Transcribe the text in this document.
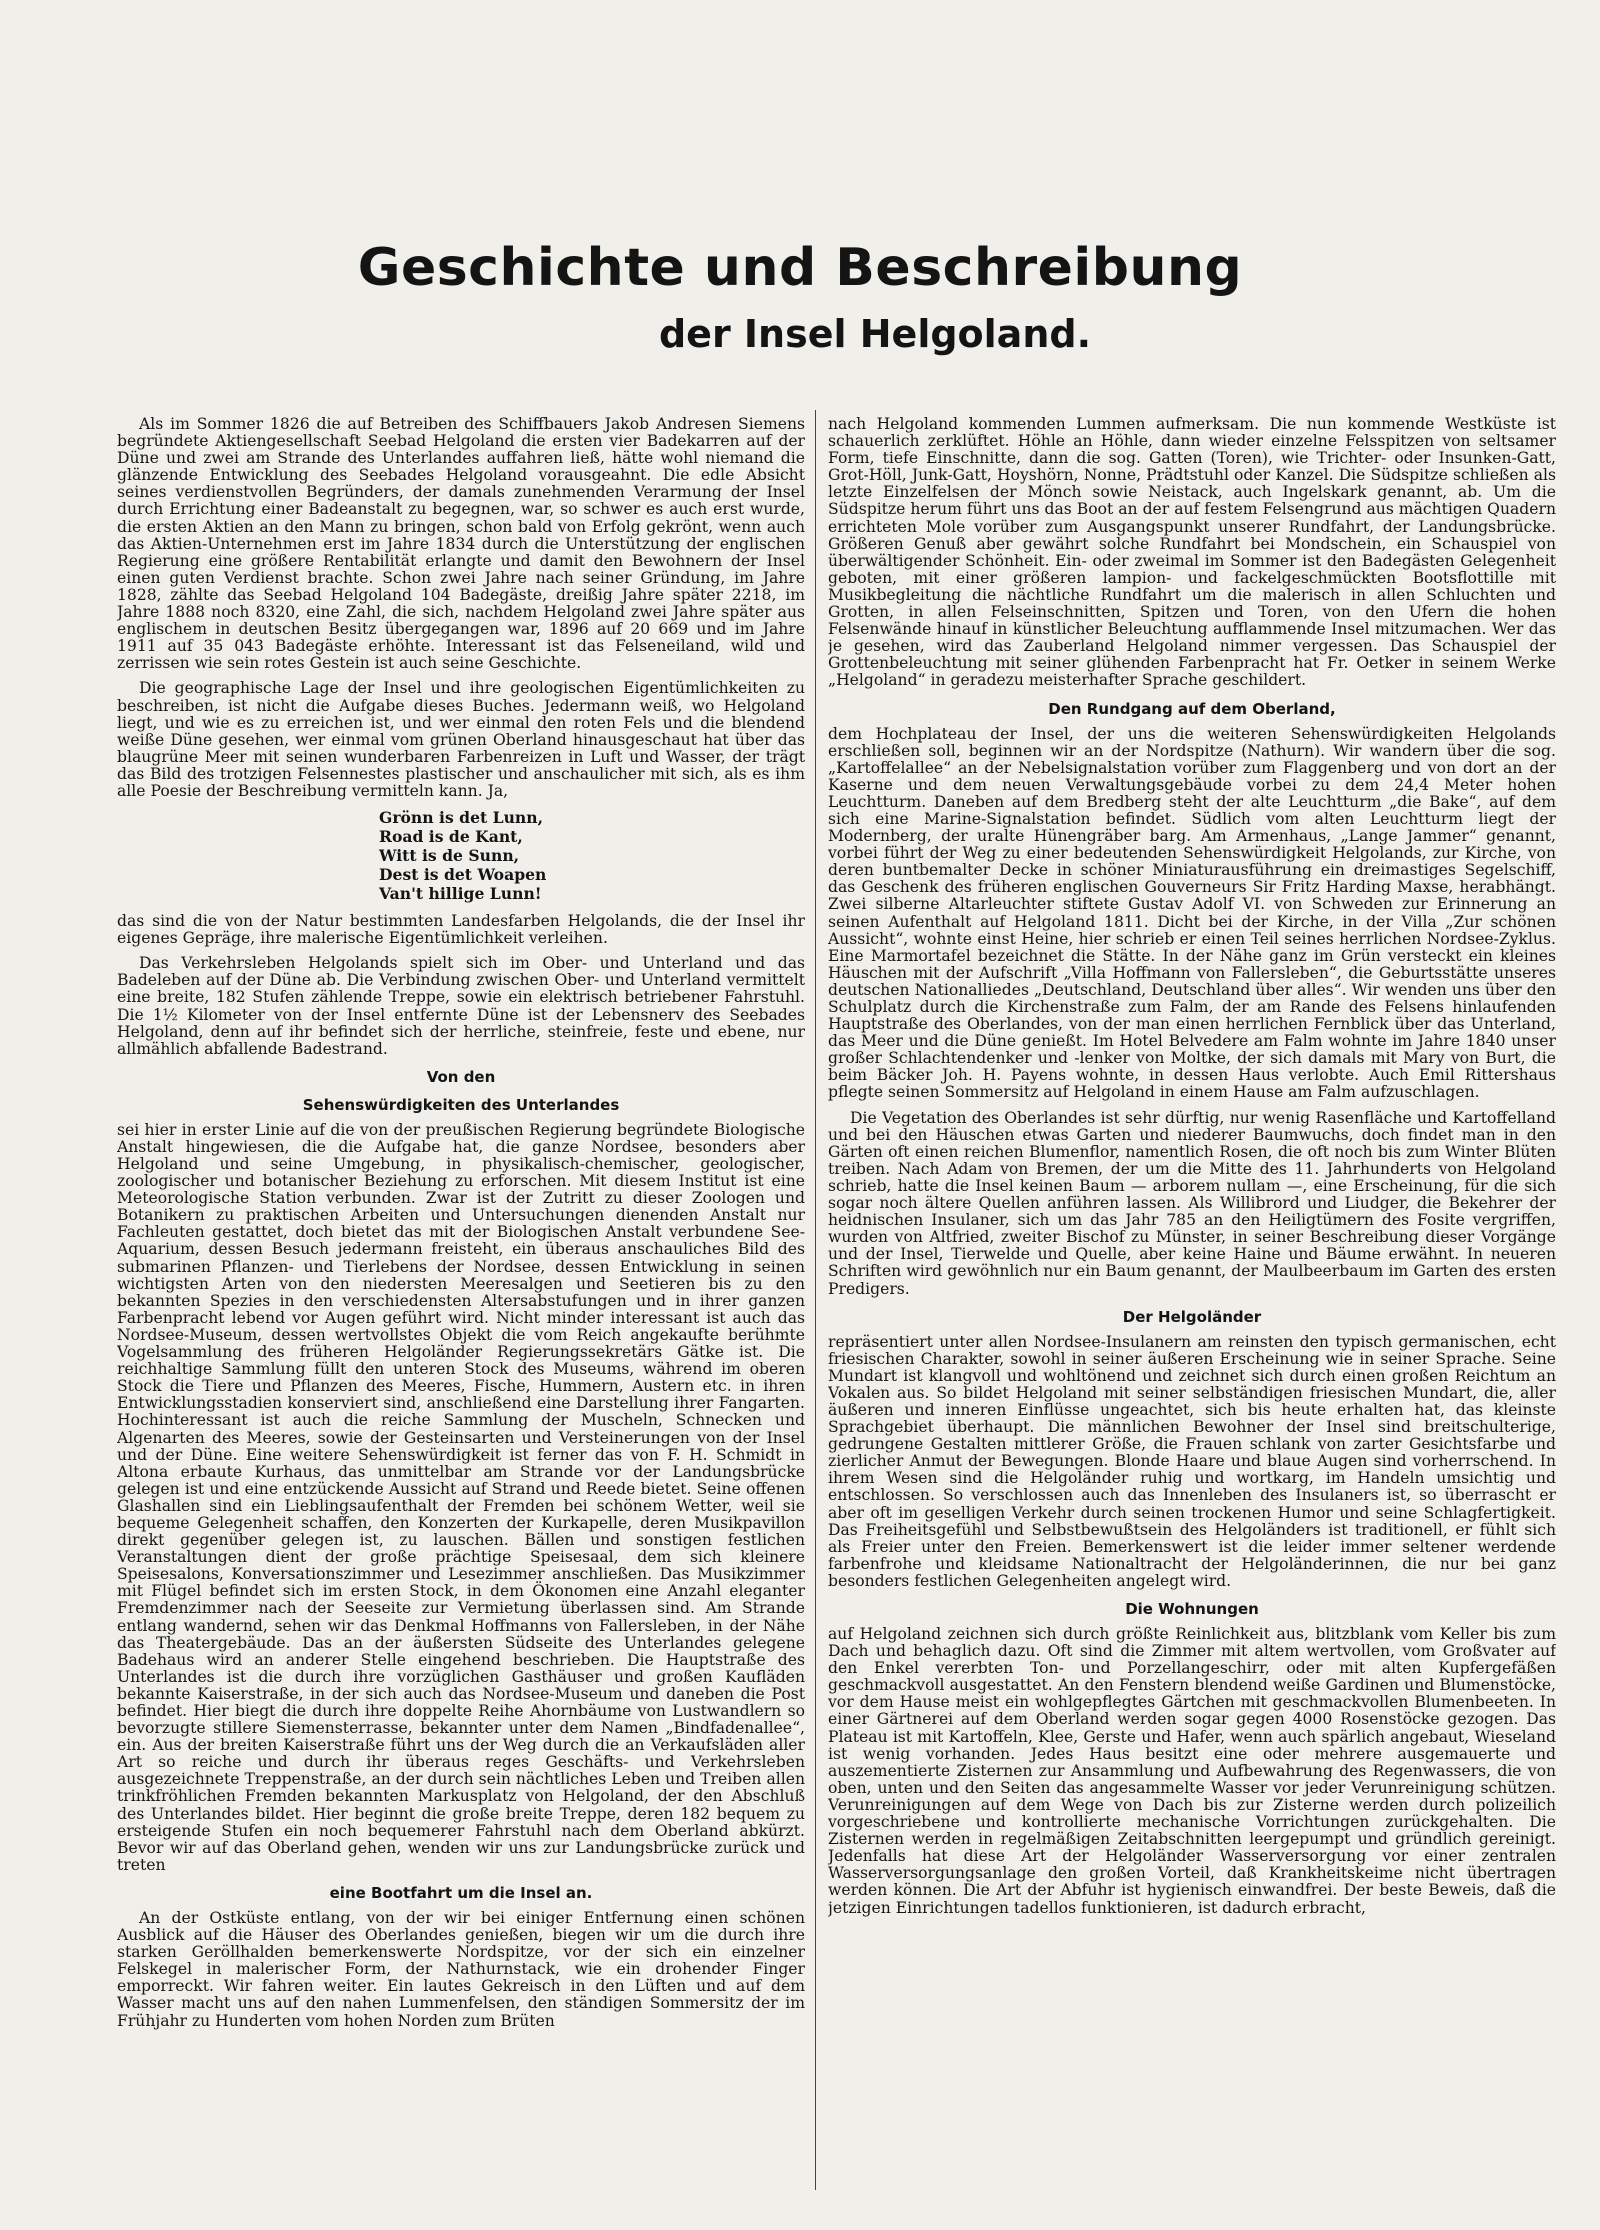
Geschichte und Beschreibung
der Insel Helgoland.

Als im Sommer 1826 die auf Betreiben des Schiffbauers Jakob Andresen Siemens begründete Aktiengesellschaft Seebad Helgoland die ersten vier Badekarren auf der Düne und zwei am Strande des Unterlandes auffahren ließ, hätte wohl niemand die glänzende Entwicklung des Seebades Helgoland vorausgeahnt. Die edle Absicht seines verdienstvollen Begründers, der damals zunehmenden Verarmung der Insel durch Errichtung einer Badeanstalt zu begegnen, war, so schwer es auch erst wurde, die ersten Aktien an den Mann zu bringen, schon bald von Erfolg gekrönt, wenn auch das Aktien-Unternehmen erst im Jahre 1834 durch die Unterstützung der englischen Regierung eine größere Rentabilität erlangte und damit den Bewohnern der Insel einen guten Verdienst brachte. Schon zwei Jahre nach seiner Gründung, im Jahre 1828, zählte das Seebad Helgoland 104 Badegäste, dreißig Jahre später 2218, im Jahre 1888 noch 8320, eine Zahl, die sich, nachdem Helgoland zwei Jahre später aus englischem in deutschen Besitz übergegangen war, 1896 auf 20 669 und im Jahre 1911 auf 35 043 Badegäste erhöhte. Interessant ist das Felseneiland, wild und zerrissen wie sein rotes Gestein ist auch seine Geschichte.

Die geographische Lage der Insel und ihre geologischen Eigentümlichkeiten zu beschreiben, ist nicht die Aufgabe dieses Buches. Jedermann weiß, wo Helgoland liegt, und wie es zu erreichen ist, und wer einmal den roten Fels und die blendend weiße Düne gesehen, wer einmal vom grünen Oberland hinausgeschaut hat über das blaugrüne Meer mit seinen wunderbaren Farbenreizen in Luft und Wasser, der trägt das Bild des trotzigen Felsennestes plastischer und anschaulicher mit sich, als es ihm alle Poesie der Beschreibung vermitteln kann. Ja,

Grönn is det Lunn,
Road is de Kant,
Witt is de Sunn,
Dest is det Woapen
Van't hillige Lunn!

das sind die von der Natur bestimmten Landesfarben Helgolands, die der Insel ihr eigenes Gepräge, ihre malerische Eigentümlichkeit verleihen.

Das Verkehrsleben Helgolands spielt sich im Ober- und Unterland und das Badeleben auf der Düne ab. Die Verbindung zwischen Ober- und Unterland vermittelt eine breite, 182 Stufen zählende Treppe, sowie ein elektrisch betriebener Fahrstuhl. Die 1½ Kilometer von der Insel entfernte Düne ist der Lebensnerv des Seebades Helgoland, denn auf ihr befindet sich der herrliche, steinfreie, feste und ebene, nur allmählich abfallende Badestrand.

Von den
Sehenswürdigkeiten des Unterlandes

sei hier in erster Linie auf die von der preußischen Regierung begründete Biologische Anstalt hingewiesen, die die Aufgabe hat, die ganze Nordsee, besonders aber Helgoland und seine Umgebung, in physikalisch-chemischer, geologischer, zoologischer und botanischer Beziehung zu erforschen. Mit diesem Institut ist eine Meteorologische Station verbunden. Zwar ist der Zutritt zu dieser Zoologen und Botanikern zu praktischen Arbeiten und Untersuchungen dienenden Anstalt nur Fachleuten gestattet, doch bietet das mit der Biologischen Anstalt verbundene See-Aquarium, dessen Besuch jedermann freisteht, ein überaus anschauliches Bild des submarinen Pflanzen- und Tierlebens der Nordsee, dessen Entwicklung in seinen wichtigsten Arten von den niedersten Meeresalgen und Seetieren bis zu den bekannten Spezies in den verschiedensten Altersabstufungen und in ihrer ganzen Farbenpracht lebend vor Augen geführt wird. Nicht minder interessant ist auch das Nordsee-Museum, dessen wertvollstes Objekt die vom Reich angekaufte berühmte Vogelsammlung des früheren Helgoländer Regierungssekretärs Gätke ist. Die reichhaltige Sammlung füllt den unteren Stock des Museums, während im oberen Stock die Tiere und Pflanzen des Meeres, Fische, Hummern, Austern etc. in ihren Entwicklungsstadien konserviert sind, anschließend eine Darstellung ihrer Fangarten. Hochinteressant ist auch die reiche Sammlung der Muscheln, Schnecken und Algenarten des Meeres, sowie der Gesteinsarten und Versteinerungen von der Insel und der Düne. Eine weitere Sehenswürdigkeit ist ferner das von F. H. Schmidt in Altona erbaute Kurhaus, das unmittelbar am Strande vor der Landungsbrücke gelegen ist und eine entzückende Aussicht auf Strand und Reede bietet. Seine offenen Glashallen sind ein Lieblingsaufenthalt der Fremden bei schönem Wetter, weil sie bequeme Gelegenheit schaffen, den Konzerten der Kurkapelle, deren Musikpavillon direkt gegenüber gelegen ist, zu lauschen. Bällen und sonstigen festlichen Veranstaltungen dient der große prächtige Speisesaal, dem sich kleinere Speisesalons, Konversationszimmer und Lesezimmer anschließen. Das Musikzimmer mit Flügel befindet sich im ersten Stock, in dem Ökonomen eine Anzahl eleganter Fremdenzimmer nach der Seeseite zur Vermietung überlassen sind. Am Strande entlang wandernd, sehen wir das Denkmal Hoffmanns von Fallersleben, in der Nähe das Theatergebäude. Das an der äußersten Südseite des Unterlandes gelegene Badehaus wird an anderer Stelle eingehend beschrieben. Die Hauptstraße des Unterlandes ist die durch ihre vorzüglichen Gasthäuser und großen Kaufläden bekannte Kaiserstraße, in der sich auch das Nordsee-Museum und daneben die Post befindet. Hier biegt die durch ihre doppelte Reihe Ahornbäume von Lustwandlern so bevorzugte stillere Siemensterrasse, bekannter unter dem Namen „Bindfadenallee“, ein. Aus der breiten Kaiserstraße führt uns der Weg durch die an Verkaufsläden aller Art so reiche und durch ihr überaus reges Geschäfts- und Verkehrsleben ausgezeichnete Treppenstraße, an der durch sein nächtliches Leben und Treiben allen trinkfröhlichen Fremden bekannten Markusplatz von Helgoland, der den Abschluß des Unterlandes bildet. Hier beginnt die große breite Treppe, deren 182 bequem zu ersteigende Stufen ein noch bequemerer Fahrstuhl nach dem Oberland abkürzt. Bevor wir auf das Oberland gehen, wenden wir uns zur Landungsbrücke zurück und treten

eine Bootfahrt um die Insel an.

An der Ostküste entlang, von der wir bei einiger Entfernung einen schönen Ausblick auf die Häuser des Oberlandes genießen, biegen wir um die durch ihre starken Geröllhalden bemerkenswerte Nordspitze, vor der sich ein einzelner Felskegel in malerischer Form, der Nathurnstack, wie ein drohender Finger emporreckt. Wir fahren weiter. Ein lautes Gekreisch in den Lüften und auf dem Wasser macht uns auf den nahen Lummenfelsen, den ständigen Sommersitz der im Frühjahr zu Hunderten vom hohen Norden zum Brüten

nach Helgoland kommenden Lummen aufmerksam. Die nun kommende Westküste ist schauerlich zerklüftet. Höhle an Höhle, dann wieder einzelne Felsspitzen von seltsamer Form, tiefe Einschnitte, dann die sog. Gatten (Toren), wie Trichter- oder Insunken-Gatt, Grot-Höll, Junk-Gatt, Hoyshörn, Nonne, Prädtstuhl oder Kanzel. Die Südspitze schließen als letzte Einzelfelsen der Mönch sowie Neistack, auch Ingelskark genannt, ab. Um die Südspitze herum führt uns das Boot an der auf festem Felsengrund aus mächtigen Quadern errichteten Mole vorüber zum Ausgangspunkt unserer Rundfahrt, der Landungsbrücke. Größeren Genuß aber gewährt solche Rundfahrt bei Mondschein, ein Schauspiel von überwältigender Schönheit. Ein- oder zweimal im Sommer ist den Badegästen Gelegenheit geboten, mit einer größeren lampion- und fackelgeschmückten Bootsflottille mit Musikbegleitung die nächtliche Rundfahrt um die malerisch in allen Schluchten und Grotten, in allen Felseinschnitten, Spitzen und Toren, von den Ufern die hohen Felsenwände hinauf in künstlicher Beleuchtung aufflammende Insel mitzumachen. Wer das je gesehen, wird das Zauberland Helgoland nimmer vergessen. Das Schauspiel der Grottenbeleuchtung mit seiner glühenden Farbenpracht hat Fr. Oetker in seinem Werke „Helgoland“ in geradezu meisterhafter Sprache geschildert.

Den Rundgang auf dem Oberland,

dem Hochplateau der Insel, der uns die weiteren Sehenswürdigkeiten Helgolands erschließen soll, beginnen wir an der Nordspitze (Nathurn). Wir wandern über die sog. „Kartoffelallee“ an der Nebelsignalstation vorüber zum Flaggenberg und von dort an der Kaserne und dem neuen Verwaltungsgebäude vorbei zu dem 24,4 Meter hohen Leuchtturm. Daneben auf dem Bredberg steht der alte Leuchtturm „die Bake“, auf dem sich eine Marine-Signalstation befindet. Südlich vom alten Leuchtturm liegt der Modernberg, der uralte Hünengräber barg. Am Armenhaus, „Lange Jammer“ genannt, vorbei führt der Weg zu einer bedeutenden Sehenswürdigkeit Helgolands, zur Kirche, von deren buntbemalter Decke in schöner Miniaturausführung ein dreimastiges Segelschiff, das Geschenk des früheren englischen Gouverneurs Sir Fritz Harding Maxse, herabhängt. Zwei silberne Altarleuchter stiftete Gustav Adolf VI. von Schweden zur Erinnerung an seinen Aufenthalt auf Helgoland 1811. Dicht bei der Kirche, in der Villa „Zur schönen Aussicht“, wohnte einst Heine, hier schrieb er einen Teil seines herrlichen Nordsee-Zyklus. Eine Marmortafel bezeichnet die Stätte. In der Nähe ganz im Grün versteckt ein kleines Häuschen mit der Aufschrift „Villa Hoffmann von Fallersleben“, die Geburtsstätte unseres deutschen Nationalliedes „Deutschland, Deutschland über alles“. Wir wenden uns über den Schulplatz durch die Kirchenstraße zum Falm, der am Rande des Felsens hinlaufenden Hauptstraße des Oberlandes, von der man einen herrlichen Fernblick über das Unterland, das Meer und die Düne genießt. Im Hotel Belvedere am Falm wohnte im Jahre 1840 unser großer Schlachtendenker und -lenker von Moltke, der sich damals mit Mary von Burt, die beim Bäcker Joh. H. Payens wohnte, in dessen Haus verlobte. Auch Emil Rittershaus pflegte seinen Sommersitz auf Helgoland in einem Hause am Falm aufzuschlagen.

Die Vegetation des Oberlandes ist sehr dürftig, nur wenig Rasenfläche und Kartoffelland und bei den Häuschen etwas Garten und niederer Baumwuchs, doch findet man in den Gärten oft einen reichen Blumenflor, namentlich Rosen, die oft noch bis zum Winter Blüten treiben. Nach Adam von Bremen, der um die Mitte des 11. Jahrhunderts von Helgoland schrieb, hatte die Insel keinen Baum — arborem nullam —, eine Erscheinung, für die sich sogar noch ältere Quellen anführen lassen. Als Willibrord und Liudger, die Bekehrer der heidnischen Insulaner, sich um das Jahr 785 an den Heiligtümern des Fosite vergriffen, wurden von Altfried, zweiter Bischof zu Münster, in seiner Beschreibung dieser Vorgänge und der Insel, Tierwelde und Quelle, aber keine Haine und Bäume erwähnt. In neueren Schriften wird gewöhnlich nur ein Baum genannt, der Maulbeerbaum im Garten des ersten Predigers.

Der Helgoländer

repräsentiert unter allen Nordsee-Insulanern am reinsten den typisch germanischen, echt friesischen Charakter, sowohl in seiner äußeren Erscheinung wie in seiner Sprache. Seine Mundart ist klangvoll und wohltönend und zeichnet sich durch einen großen Reichtum an Vokalen aus. So bildet Helgoland mit seiner selbständigen friesischen Mundart, die, aller äußeren und inneren Einflüsse ungeachtet, sich bis heute erhalten hat, das kleinste Sprachgebiet überhaupt. Die männlichen Bewohner der Insel sind breitschulterige, gedrungene Gestalten mittlerer Größe, die Frauen schlank von zarter Gesichtsfarbe und zierlicher Anmut der Bewegungen. Blonde Haare und blaue Augen sind vorherrschend. In ihrem Wesen sind die Helgoländer ruhig und wortkarg, im Handeln umsichtig und entschlossen. So verschlossen auch das Innenleben des Insulaners ist, so überrascht er aber oft im geselligen Verkehr durch seinen trockenen Humor und seine Schlagfertigkeit. Das Freiheitsgefühl und Selbstbewußtsein des Helgoländers ist traditionell, er fühlt sich als Freier unter den Freien. Bemerkenswert ist die leider immer seltener werdende farbenfrohe und kleidsame Nationaltracht der Helgoländerinnen, die nur bei ganz besonders festlichen Gelegenheiten angelegt wird.

Die Wohnungen

auf Helgoland zeichnen sich durch größte Reinlichkeit aus, blitzblank vom Keller bis zum Dach und behaglich dazu. Oft sind die Zimmer mit altem wertvollen, vom Großvater auf den Enkel vererbten Ton- und Porzellangeschirr, oder mit alten Kupfergefäßen geschmackvoll ausgestattet. An den Fenstern blendend weiße Gardinen und Blumenstöcke, vor dem Hause meist ein wohlgepflegtes Gärtchen mit geschmackvollen Blumenbeeten. In einer Gärtnerei auf dem Oberland werden sogar gegen 4000 Rosenstöcke gezogen. Das Plateau ist mit Kartoffeln, Klee, Gerste und Hafer, wenn auch spärlich angebaut, Wieseland ist wenig vorhanden. Jedes Haus besitzt eine oder mehrere ausgemauerte und auszementierte Zisternen zur Ansammlung und Aufbewahrung des Regenwassers, die von oben, unten und den Seiten das angesammelte Wasser vor jeder Verunreinigung schützen. Verunreinigungen auf dem Wege von Dach bis zur Zisterne werden durch polizeilich vorgeschriebene und kontrollierte mechanische Vorrichtungen zurückgehalten. Die Zisternen werden in regelmäßigen Zeitabschnitten leergepumpt und gründlich gereinigt. Jedenfalls hat diese Art der Helgoländer Wasserversorgung vor einer zentralen Wasserversorgungsanlage den großen Vorteil, daß Krankheitskeime nicht übertragen werden können. Die Art der Abfuhr ist hygienisch einwandfrei. Der beste Beweis, daß die jetzigen Einrichtungen tadellos funktionieren, ist dadurch erbracht,
